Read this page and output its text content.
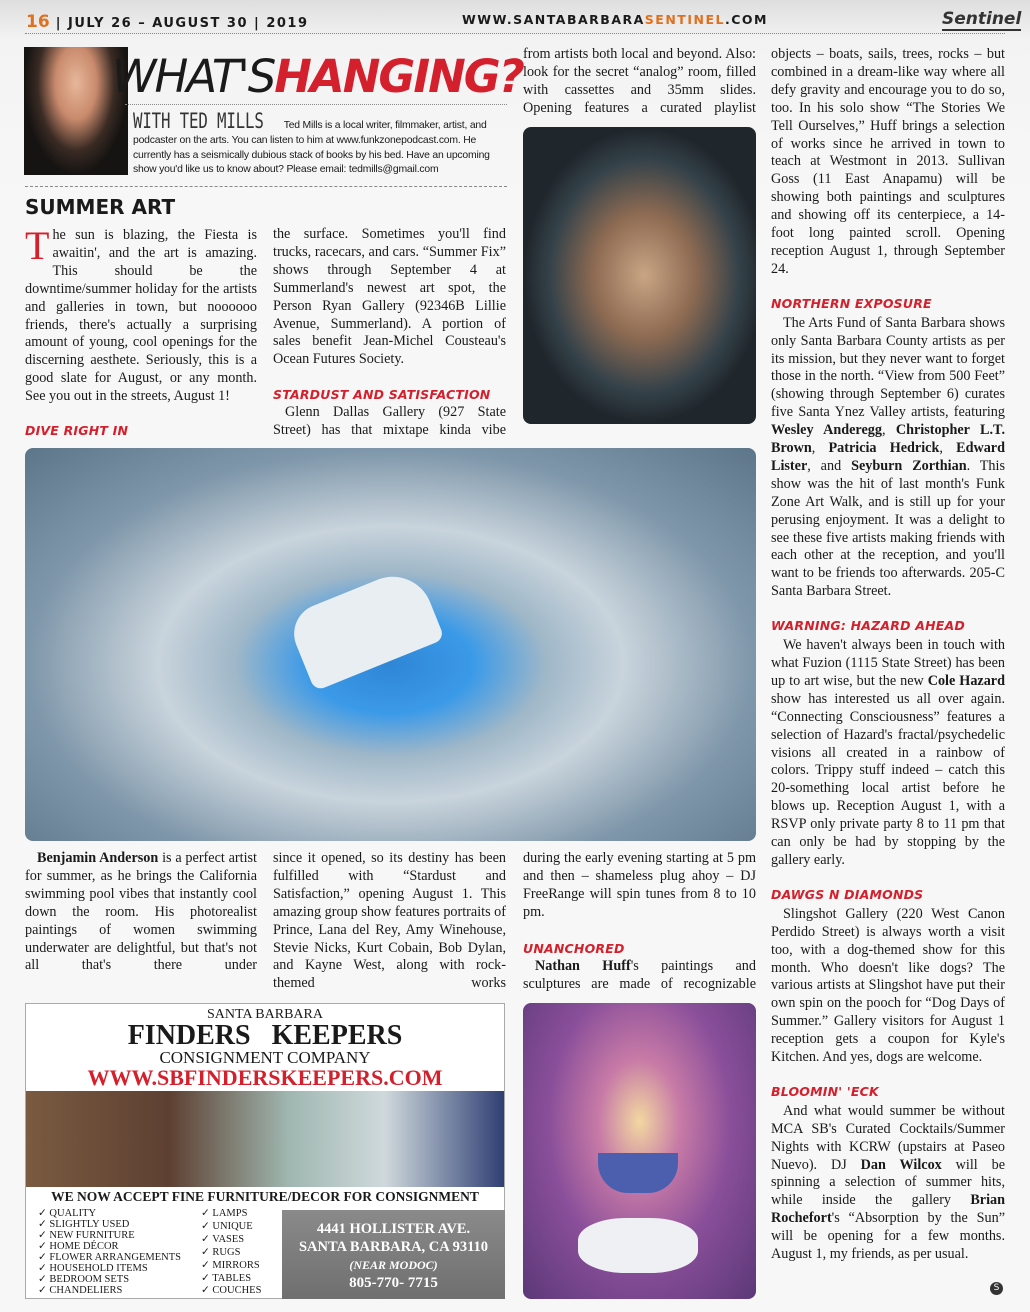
16 | JULY 26 – AUGUST 30 | 2019	WWW.SANTABARBARASENTINEL.COM	Sentinel
WHAT'SHANGING?
WITH TED MILLS Ted Mills is a local writer, filmmaker, artist, and podcaster on the arts. You can listen to him at www.funkzonepodcast.com. He currently has a seismically dubious stack of books by his bed. Have an upcoming show you'd like us to know about? Please email: tedmills@gmail.com
SUMMER ART
The sun is blazing, the Fiesta is awaitin', and the art is amazing. This should be the downtime/summer holiday for the artists and galleries in town, but noooooo friends, there's actually a surprising amount of young, cool openings for the discerning aesthete. Seriously, this is a good slate for August, or any month. See you out in the streets, August 1!
DIVE RIGHT IN
the surface. Sometimes you'll find trucks, racecars, and cars. “Summer Fix” shows through September 4 at Summerland's newest art spot, the Person Ryan Gallery (92346B Lillie Avenue, Summerland). A portion of sales benefit Jean-Michel Cousteau's Ocean Futures Society.
STARDUST AND SATISFACTION
Glenn Dallas Gallery (927 State Street) has that mixtape kinda vibe
from artists both local and beyond. Also: look for the secret “analog” room, filled with cassettes and 35mm slides. Opening features a curated playlist
Benjamin Anderson is a perfect artist for summer, as he brings the California swimming pool vibes that instantly cool down the room. His photorealist paintings of women swimming underwater are delightful, but that's not all that's there under
since it opened, so its destiny has been fulfilled with “Stardust and Satisfaction,” opening August 1. This amazing group show features portraits of Prince, Lana del Rey, Amy Winehouse, Stevie Nicks, Kurt Cobain, Bob Dylan, and Kayne West, along with rock-themed works
during the early evening starting at 5 pm and then – shameless plug ahoy – DJ FreeRange will spin tunes from 8 to 10 pm.
UNANCHORED
Nathan Huff's paintings and sculptures are made of recognizable
objects – boats, sails, trees, rocks – but combined in a dream-like way where all defy gravity and encourage you to do so, too. In his solo show “The Stories We Tell Ourselves,” Huff brings a selection of works since he arrived in town to teach at Westmont in 2013. Sullivan Goss (11 East Anapamu) will be showing both paintings and sculptures and showing off its centerpiece, a 14-foot long painted scroll. Opening reception August 1, through September 24.
NORTHERN EXPOSURE

The Arts Fund of Santa Barbara shows only Santa Barbara County artists as per its mission, but they never want to forget those in the north. “View from 500 Feet” (showing through September 6) curates five Santa Ynez Valley artists, featuring Wesley Anderegg, Christopher L.T. Brown, Patricia Hedrick, Edward Lister, and Seyburn Zorthian. This show was the hit of last month's Funk Zone Art Walk, and is still up for your perusing enjoyment. It was a delight to see these five artists making friends with each other at the reception, and you'll want to be friends too afterwards. 205-C Santa Barbara Street.

WARNING: HAZARD AHEAD

We haven't always been in touch with what Fuzion (1115 State Street) has been up to art wise, but the new Cole Hazard show has interested us all over again. “Connecting Consciousness” features a selection of Hazard's fractal/psychedelic visions all created in a rainbow of colors. Trippy stuff indeed – catch this 20-something local artist before he blows up. Reception August 1, with a RSVP only private party 8 to 11 pm that can only be had by stopping by the gallery early.

DAWGS N DIAMONDS

Slingshot Gallery (220 West Canon Perdido Street) is always worth a visit too, with a dog-themed show for this month. Who doesn't like dogs? The various artists at Slingshot have put their own spin on the pooch for “Dog Days of Summer.” Gallery visitors for August 1 reception gets a coupon for Kyle's Kitchen. And yes, dogs are welcome.

BLOOMIN' 'ECK

And what would summer be without MCA SB's Curated Cocktails/Summer Nights with KCRW (upstairs at Paseo Nuevo). DJ Dan Wilcox will be spinning a selection of summer hits, while inside the gallery Brian Rochefort's “Absorption by the Sun” will be opening for a few months. August 1, my friends, as per usual.

SANTA BARBARA
FINDERS   KEEPERS
CONSIGNMENT COMPANY
WWW.SBFINDERSKEEPERS.COM
WE NOW ACCEPT FINE FURNITURE/DECOR FOR CONSIGNMENT
✓ QUALITY
✓ SLIGHTLY USED
✓ NEW FURNITURE
✓ HOME DÉCOR
✓ FLOWER ARRANGEMENTS
✓ HOUSEHOLD ITEMS
✓ BEDROOM SETS
✓ CHANDELIERS
✓ LAMPS
✓ UNIQUE
✓ VASES
✓ RUGS
✓ MIRRORS
✓ TABLES
✓ COUCHES
4441 HOLLISTER AVE.
SANTA BARBARA, CA 93110
(NEAR MODOC)
805-770- 7715	S
